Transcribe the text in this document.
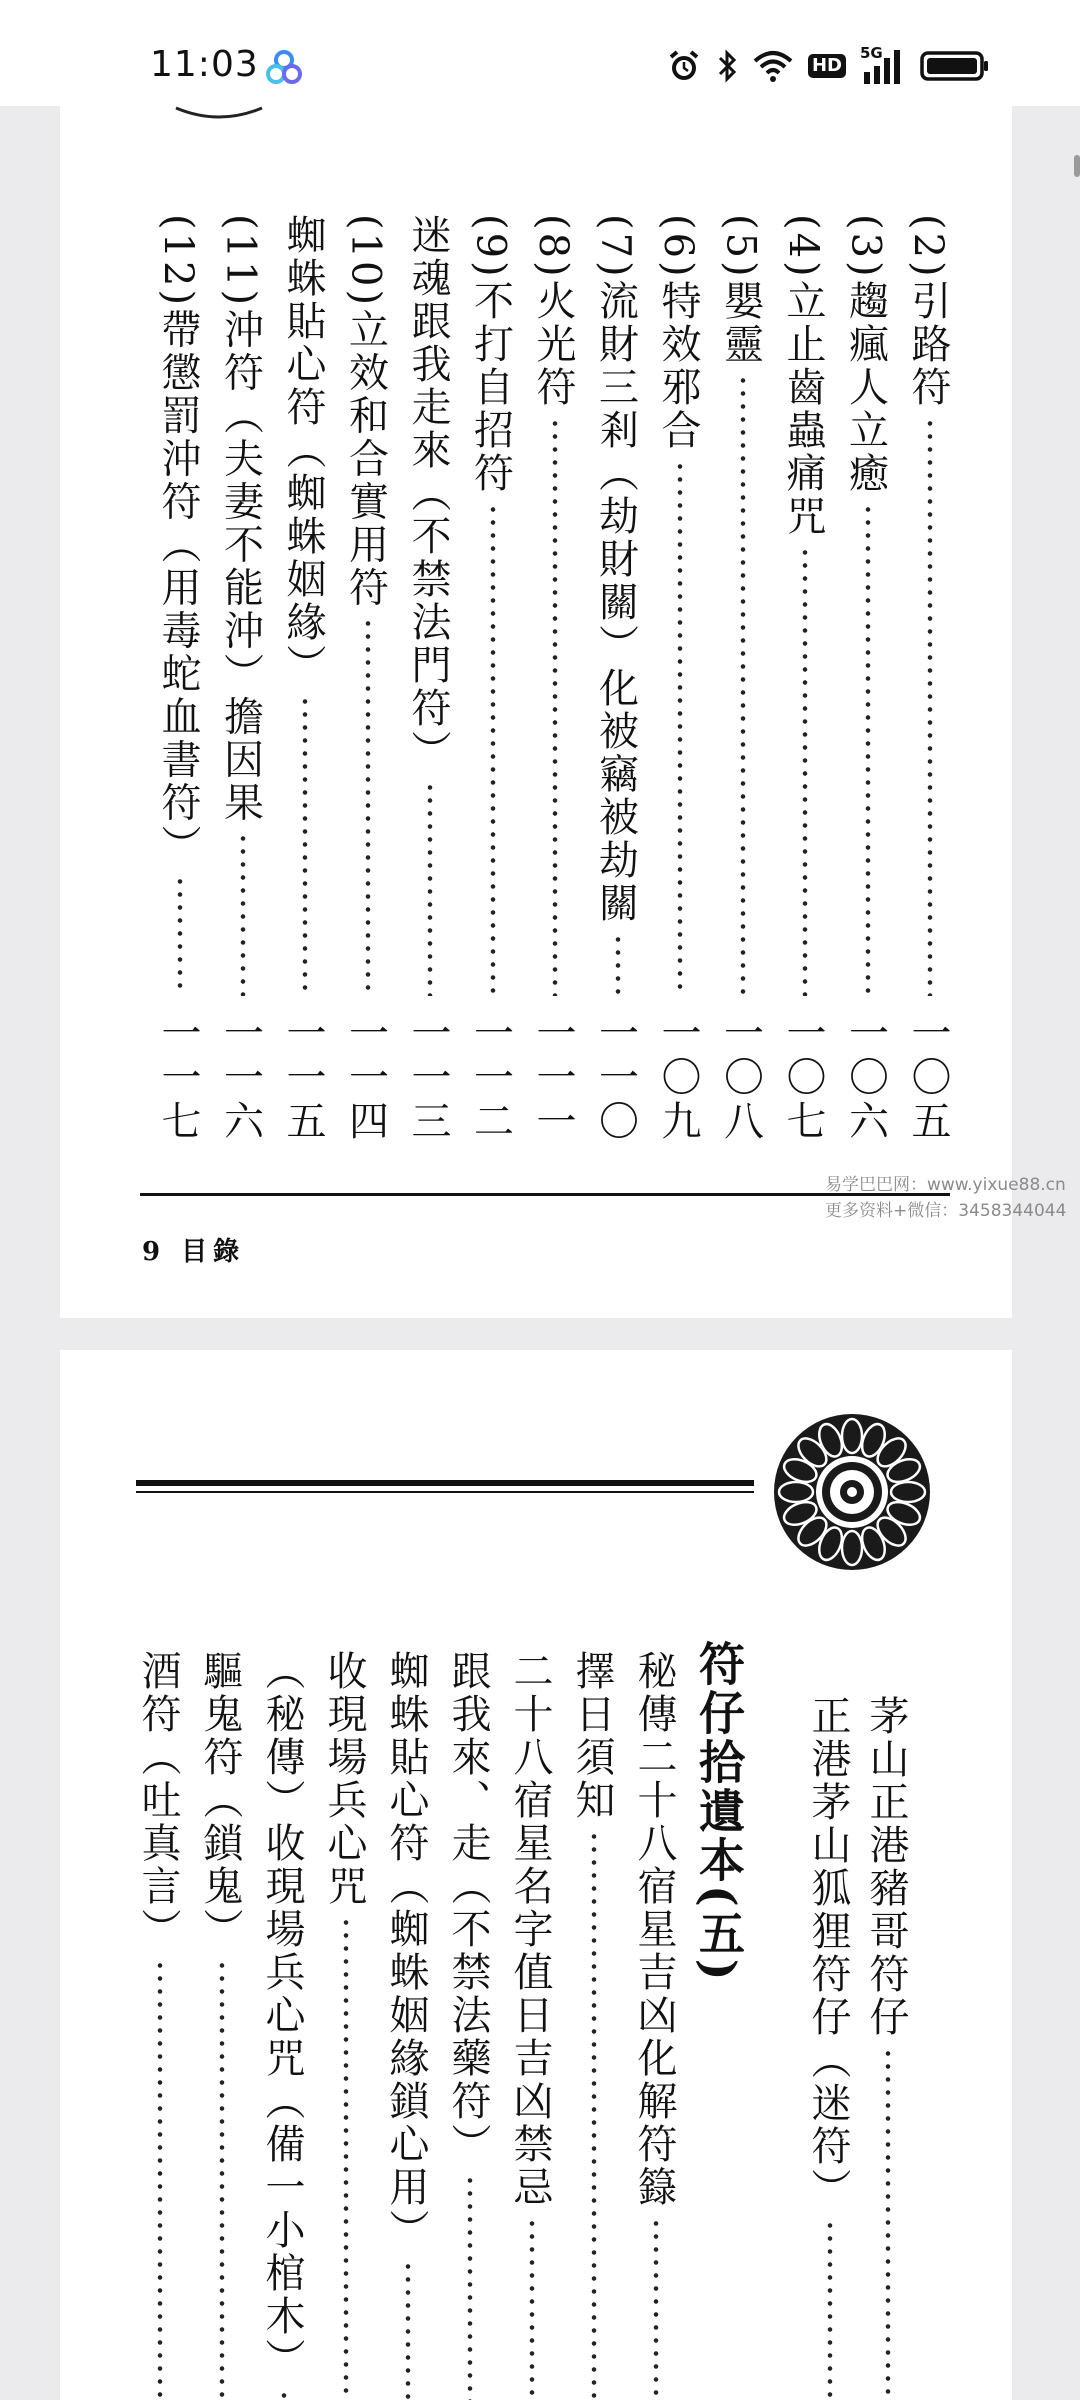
11:03	HD
5G
9 目錄
(2)引路符
一〇五
(3)趨瘋人立癒
一〇六
(4)立止齒蟲痛咒
一〇七
(5)嬰靈
一〇八
(6)特效邪合
一〇九
(7)流財三剎（劫財關）化被竊被劫關
一一〇
(8)火光符
一一一
(9)不打自招符
一一二
迷魂跟我走來（不禁法門符）
一一三
(10)立效和合實用符
一一四
蜘蛛貼心符（蜘蛛姻緣）
一一五
(11)沖符（夫妻不能沖）擔因果
一一六
(12)帶懲罰沖符（用毒蛇血書符）
一一七
易学巴巴网：www.yixue88.cn
更多资料+微信：3458344044
茅山正港豬哥符仔
正港茅山狐狸符仔（迷符）
符仔拾遺本(五)
秘傳二十八宿星吉凶化解符籙
擇日須知
二十八宿星名字值日吉凶禁忌
跟我來、走（不禁法藥符）
蜘蛛貼心符（蜘蛛姻緣鎖心用）
收現場兵心咒
（秘傳）收現場兵心咒（備一小棺木）
驅鬼符（鎖鬼）
酒符（吐真言）
